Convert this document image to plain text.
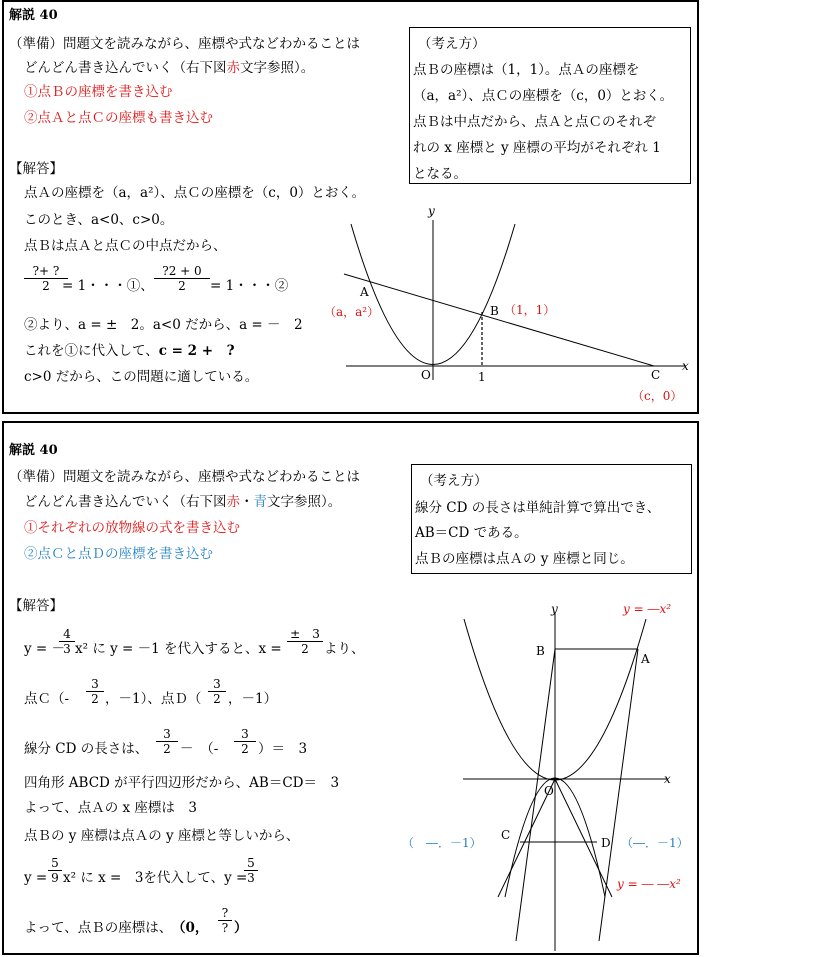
解説 40
（準備）問題文を読みながら、座標や式などわかることは
どんどん書き込んでいく（右下図赤文字参照）。
①点Ｂの座標を書き込む
②点Ａと点Ｃの座標も書き込む
【解答】
点Ａの座標を（a，a²）、点Ｃの座標を（c，0）とおく。
このとき、a<0、c>0。
点Ｂは点Ａと点Ｃの中点だから、
?+ ?
2 = 1・・・①、 $\frac{?2 + 0}{2} = 1$・・・②
②より、a = ±　2。a<0 だから、a = －　2
これを①に代入して、c = 2 +　?
c>0 だから、この問題に適している。
（考え方）
点Ｂの座標は（1，1）。点Ａの座標を
（a，a²）、点Ｃの座標を（c，0）とおく。
点Ｂは中点だから、点Ａと点Ｃのそれぞ
れの x 座標と y 座標の平均がそれぞれ 1
となる。
y
x
O	1
A
B
C
（a，a²）	（1，1）
（c，0）
解説 40
（準備）問題文を読みながら、座標や式などわかることは
どんどん書き込んでいく（右下図赤・青文字参照）。
①それぞれの放物線の式を書き込む
②点Ｃと点Ｄの座標を書き込む
【解答】
y = －
$\frac{4}{3} x^2$ に y = －1 を代入すると、$x = \frac{\pm 3}{2}$ より、
点Ｃ（- $\frac{3}{2}$ ，－1）、点Ｄ（ $\frac{3}{2}$ ，－1）
線分 CD の長さは、 $\frac{3}{2}$ －　（- $\frac{3}{2}$ ）＝　3
四角形 ABCD が平行四辺形だから、AB＝CD＝　3
よって、点Ａの x 座標は　3
点Ｂの y 座標は点Ａの y 座標と等しいから、
$y = \frac{5}{9} x^2$ に x =　3を代入して、y =
$\frac{5}{3}$
よって、点Ｂの座標は、 （0，
?
? ）
（考え方）
線分 CD の長さは単純計算で算出でき、
AB＝CD である。
点Ｂの座標は点Ａの y 座標と同じ。
y
x
O
B
A
C
D
y = ―x²
y = ― ―x²
（　―．－1）	（―．－1）
